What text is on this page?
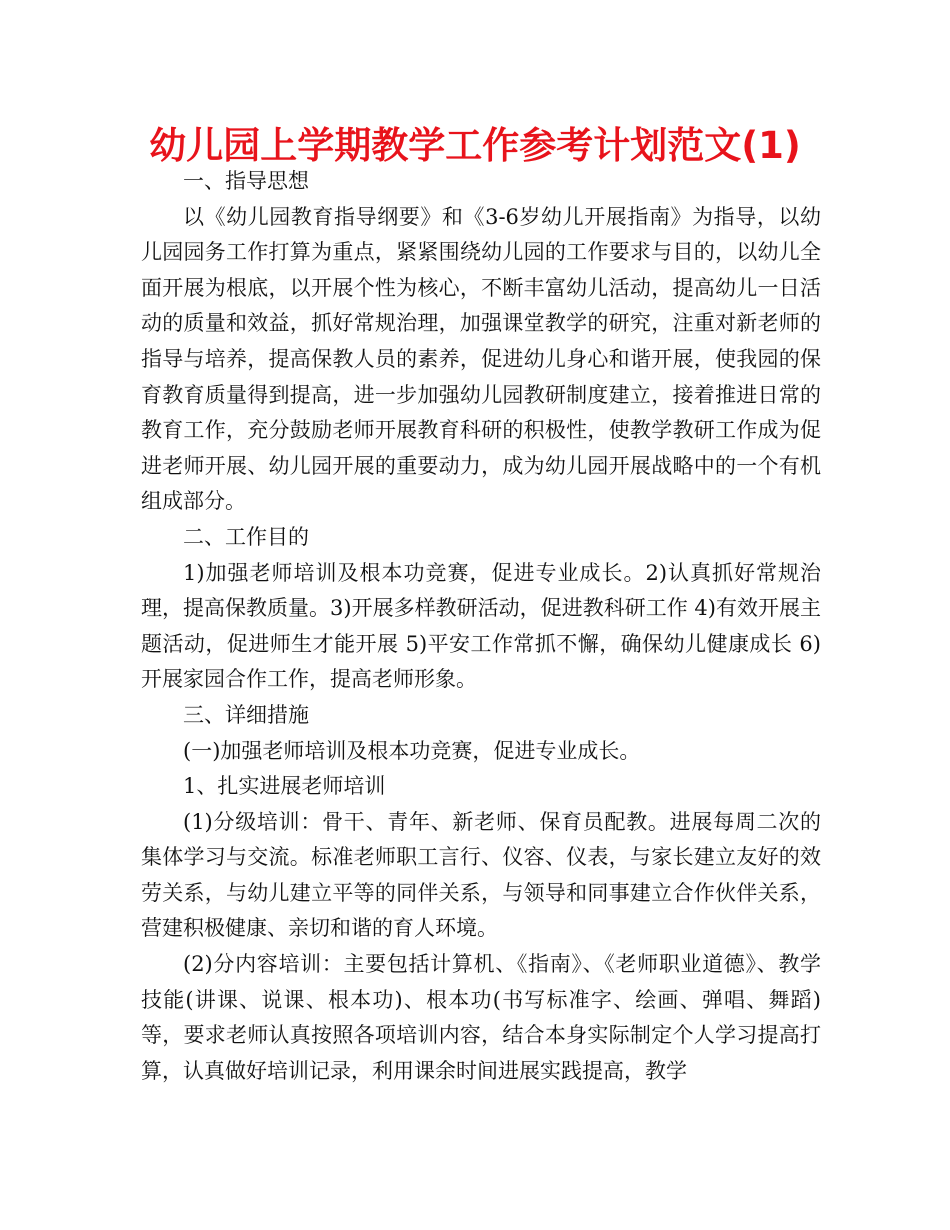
幼儿园上学期教学工作参考计划范文(1)

一、指导思想

以《幼儿园教育指导纲要》和《3-6岁幼儿开展指南》为指导，以幼儿园园务工作打算为重点，紧紧围绕幼儿园的工作要求与目的，以幼儿全面开展为根底，以开展个性为核心，不断丰富幼儿活动，提高幼儿一日活动的质量和效益，抓好常规治理，加强课堂教学的研究，注重对新老师的指导与培养，提高保教人员的素养，促进幼儿身心和谐开展，使我园的保育教育质量得到提高，进一步加强幼儿园教研制度建立，接着推进日常的教育工作，充分鼓励老师开展教育科研的积极性，使教学教研工作成为促进老师开展、幼儿园开展的重要动力，成为幼儿园开展战略中的一个有机组成部分。

二、工作目的

1)加强老师培训及根本功竞赛，促进专业成长。2)认真抓好常规治理，提高保教质量。3)开展多样教研活动，促进教科研工作 4)有效开展主题活动，促进师生才能开展 5)平安工作常抓不懈，确保幼儿健康成长 6)开展家园合作工作，提高老师形象。

三、详细措施

(一)加强老师培训及根本功竞赛，促进专业成长。

1、扎实进展老师培训

(1)分级培训：骨干、青年、新老师、保育员配教。进展每周二次的集体学习与交流。标准老师职工言行、仪容、仪表，与家长建立友好的效劳关系，与幼儿建立平等的同伴关系，与领导和同事建立合作伙伴关系，营建积极健康、亲切和谐的育人环境。

(2)分内容培训：主要包括计算机、《指南》、《老师职业道德》、教学技能(讲课、说课、根本功)、根本功(书写标准字、绘画、弹唱、舞蹈)等，要求老师认真按照各项培训内容，结合本身实际制定个人学习提高打算，认真做好培训记录，利用课余时间进展实践提高，教学
